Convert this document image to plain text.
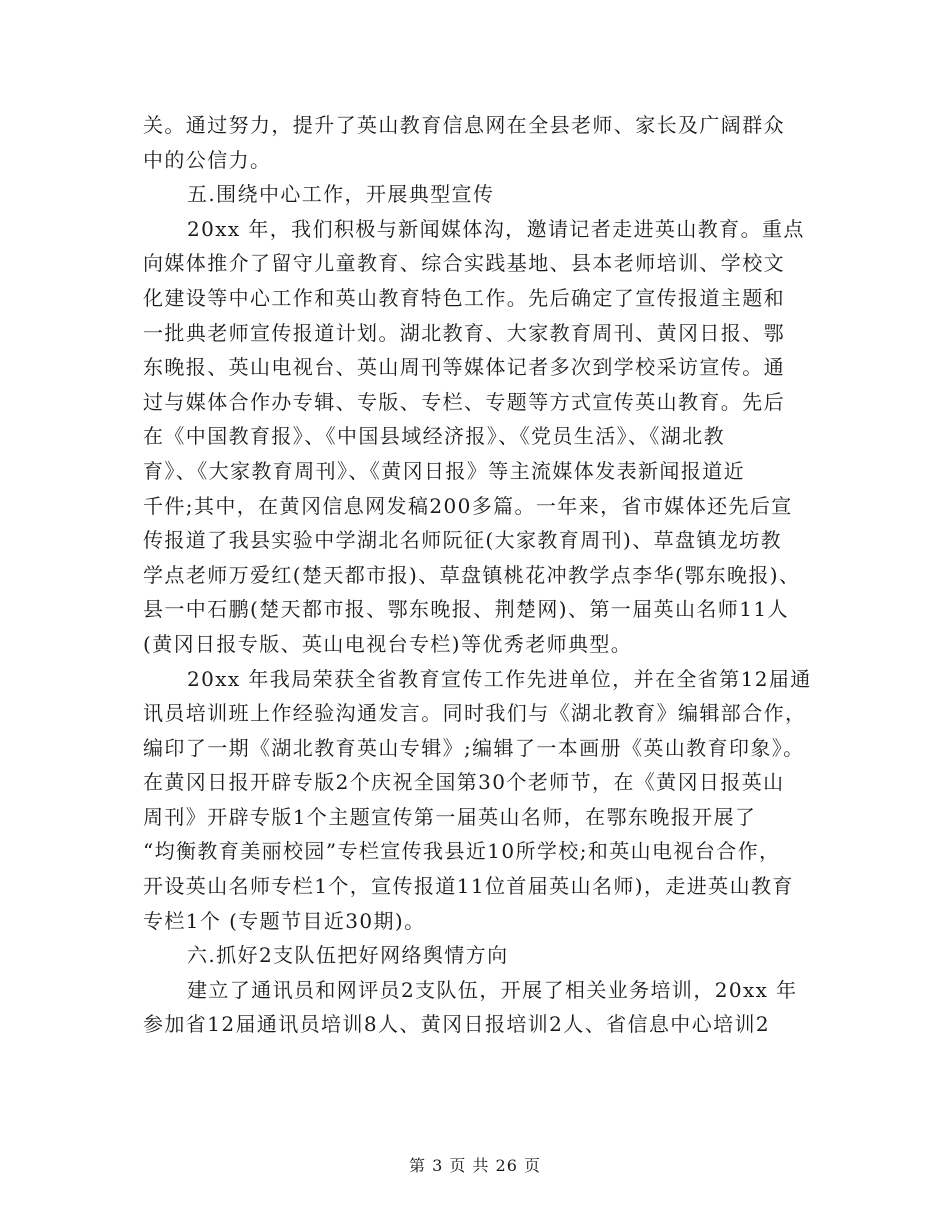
关。通过努力，提升了英山教育信息网在全县老师、家长及广阔群众
中的公信力。
五.围绕中心工作，开展典型宣传
20xx 年，我们积极与新闻媒体沟，邀请记者走进英山教育。重点
向媒体推介了留守儿童教育、综合实践基地、县本老师培训、学校文
化建设等中心工作和英山教育特色工作。先后确定了宣传报道主题和
一批典老师宣传报道计划。湖北教育、大家教育周刊、黄冈日报、鄂
东晚报、英山电视台、英山周刊等媒体记者多次到学校采访宣传。通
过与媒体合作办专辑、专版、专栏、专题等方式宣传英山教育。先后
在《中国教育报》、《中国县域经济报》、《党员生活》、《湖北教
育》、《大家教育周刊》、《黄冈日报》等主流媒体发表新闻报道近
千件;其中，在黄冈信息网发稿200多篇。一年来，省市媒体还先后宣
传报道了我县实验中学湖北名师阮征(大家教育周刊)、草盘镇龙坊教
学点老师万爱红(楚天都市报)、草盘镇桃花冲教学点李华(鄂东晚报)、
县一中石鹏(楚天都市报、鄂东晚报、荆楚网)、第一届英山名师11人
(黄冈日报专版、英山电视台专栏)等优秀老师典型。
20xx 年我局荣获全省教育宣传工作先进单位，并在全省第12届通
讯员培训班上作经验沟通发言。同时我们与《湖北教育》编辑部合作，
编印了一期《湖北教育英山专辑》;编辑了一本画册《英山教育印象》。
在黄冈日报开辟专版2个庆祝全国第30个老师节，在《黄冈日报英山
周刊》开辟专版1个主题宣传第一届英山名师，在鄂东晚报开展了
“均衡教育美丽校园”专栏宣传我县近10所学校;和英山电视台合作，
开设英山名师专栏1个，宣传报道11位首届英山名师)，走进英山教育
专栏1个 (专题节目近30期)。
六.抓好2支队伍把好网络舆情方向
建立了通讯员和网评员2支队伍，开展了相关业务培训，20xx 年
参加省12届通讯员培训8人、黄冈日报培训2人、省信息中心培训2
第 3 页 共 26 页
